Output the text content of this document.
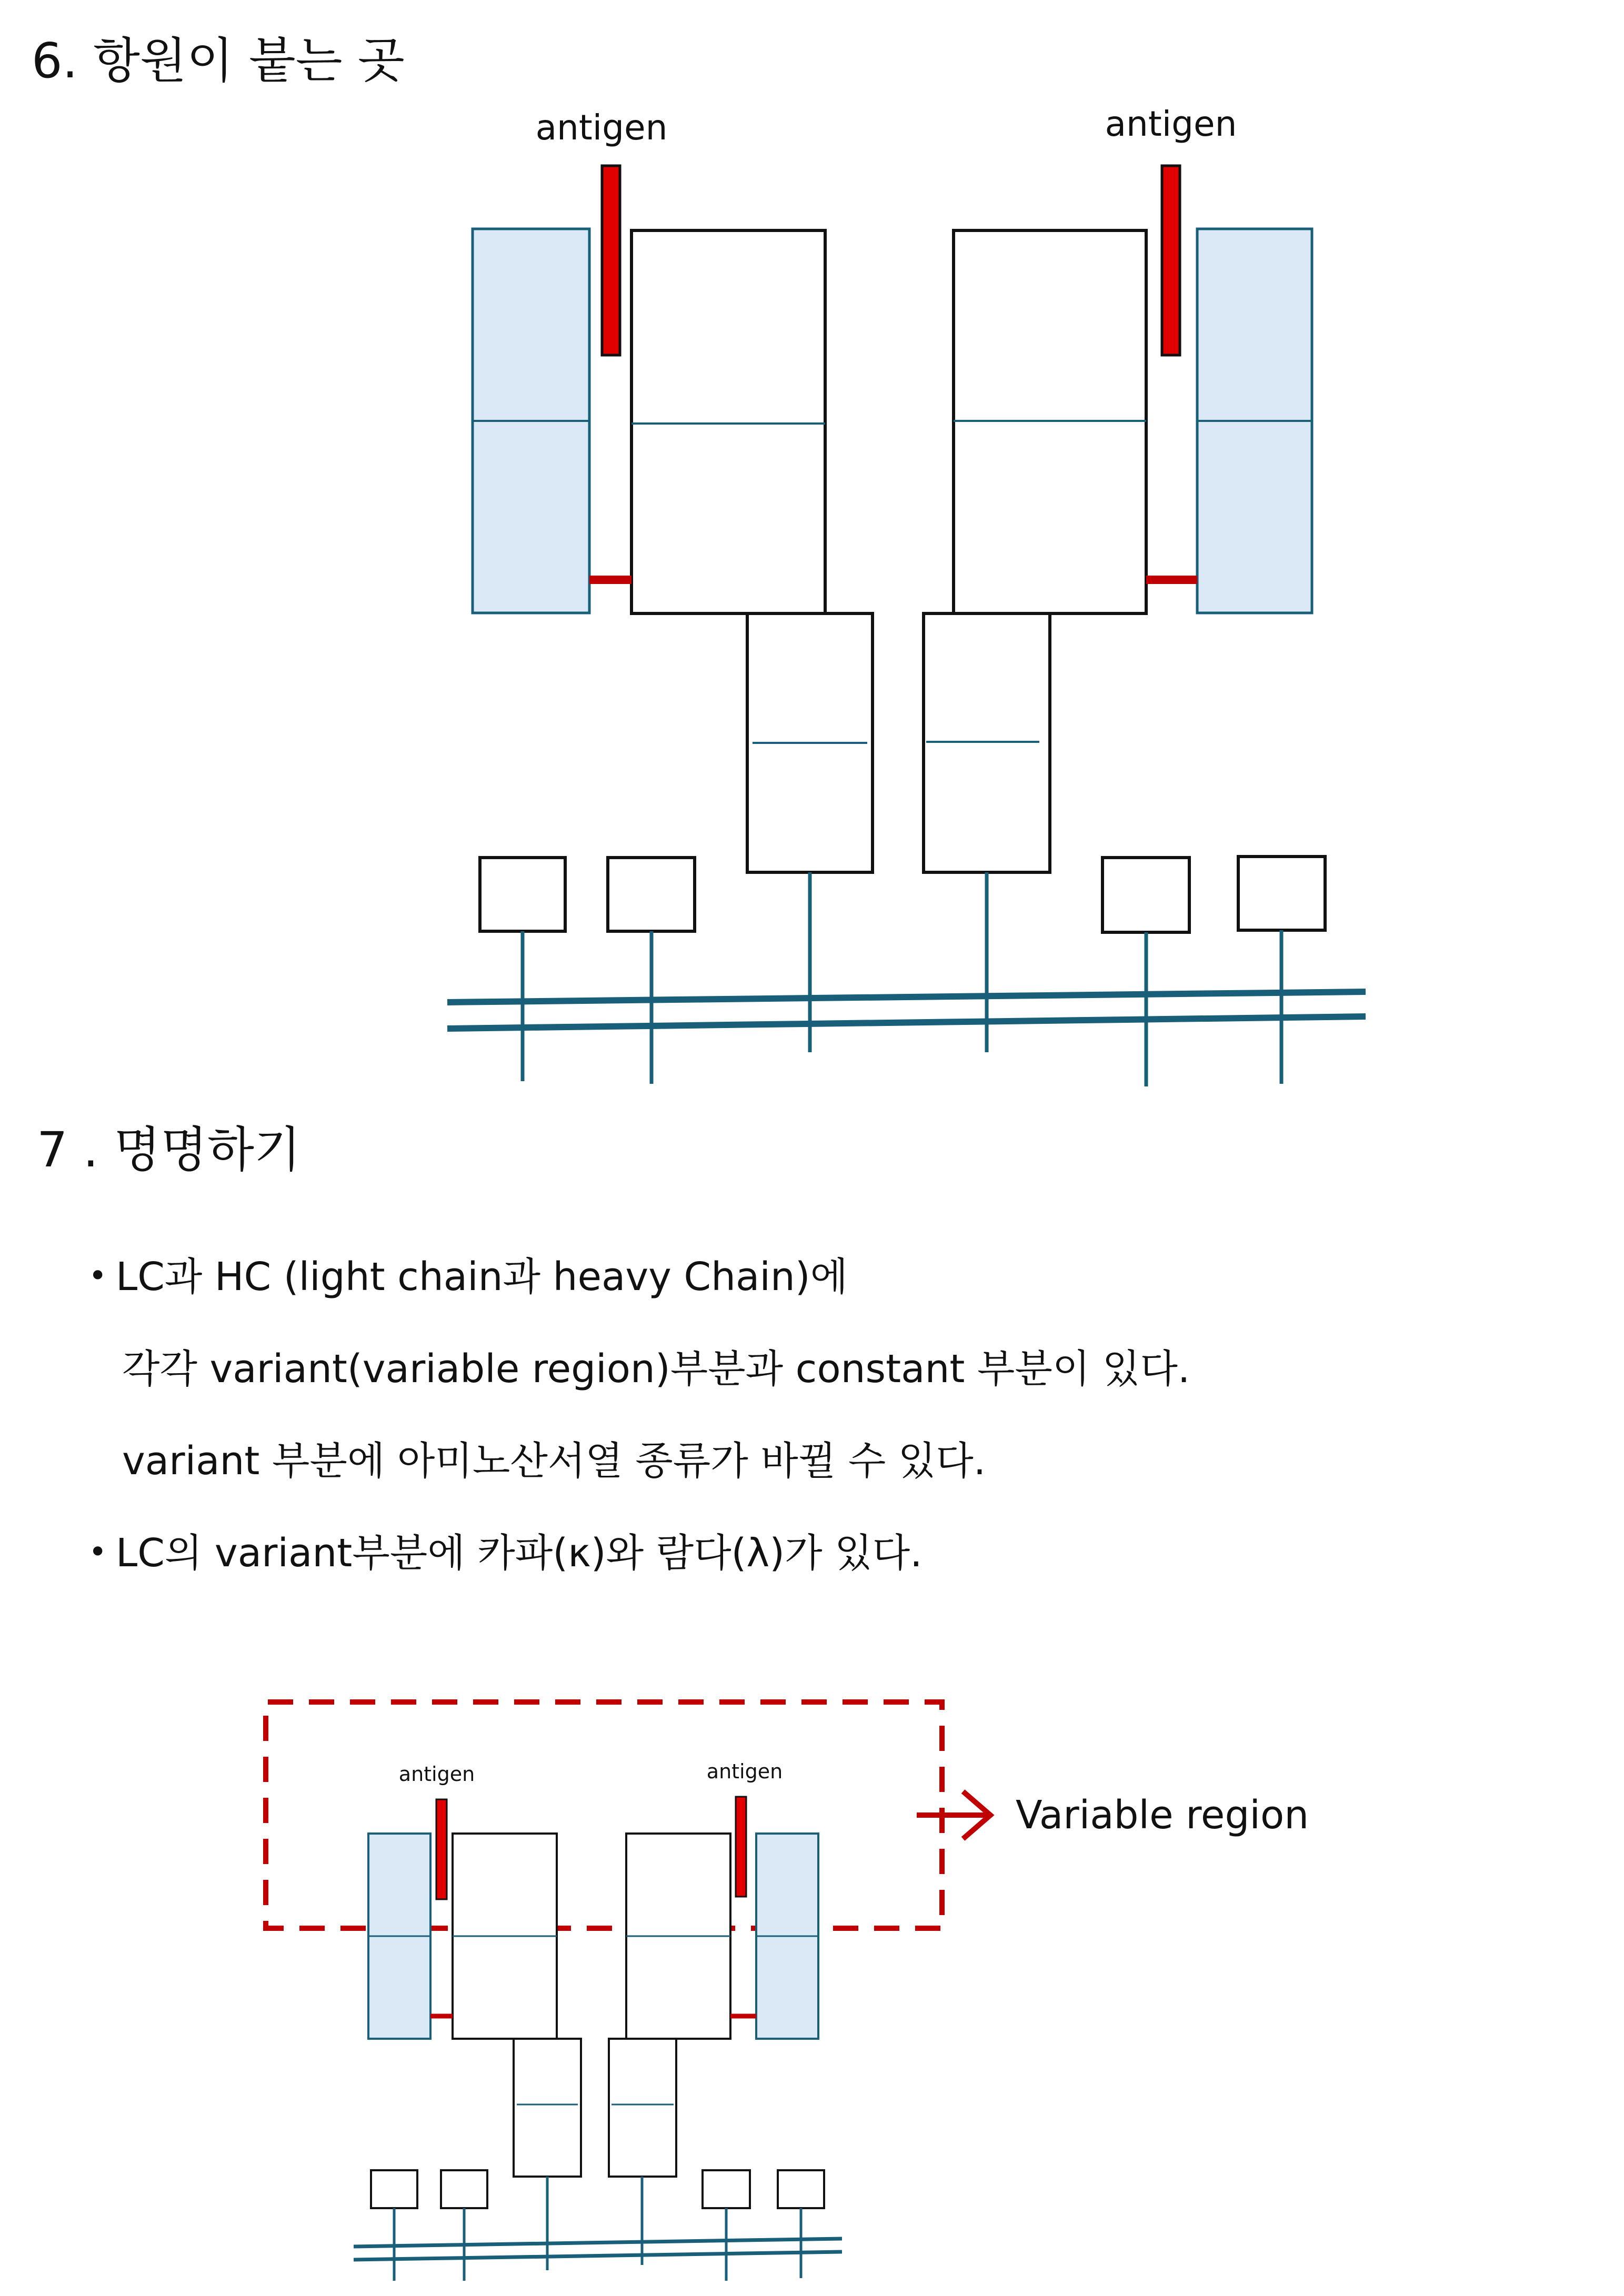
6. 항원이 붙는 곳
antigen	antigen
7 . 명명하기
• LC과 HC (light chain과 heavy Chain)에
각각 variant(variable region)부분과 constant 부분이 있다.
variant 부분에 아미노산서열 종류가 바뀔 수 있다.
• LC의 variant부분에 카파(κ)와 람다(λ)가 있다.
Variable region
antigen	antigen
